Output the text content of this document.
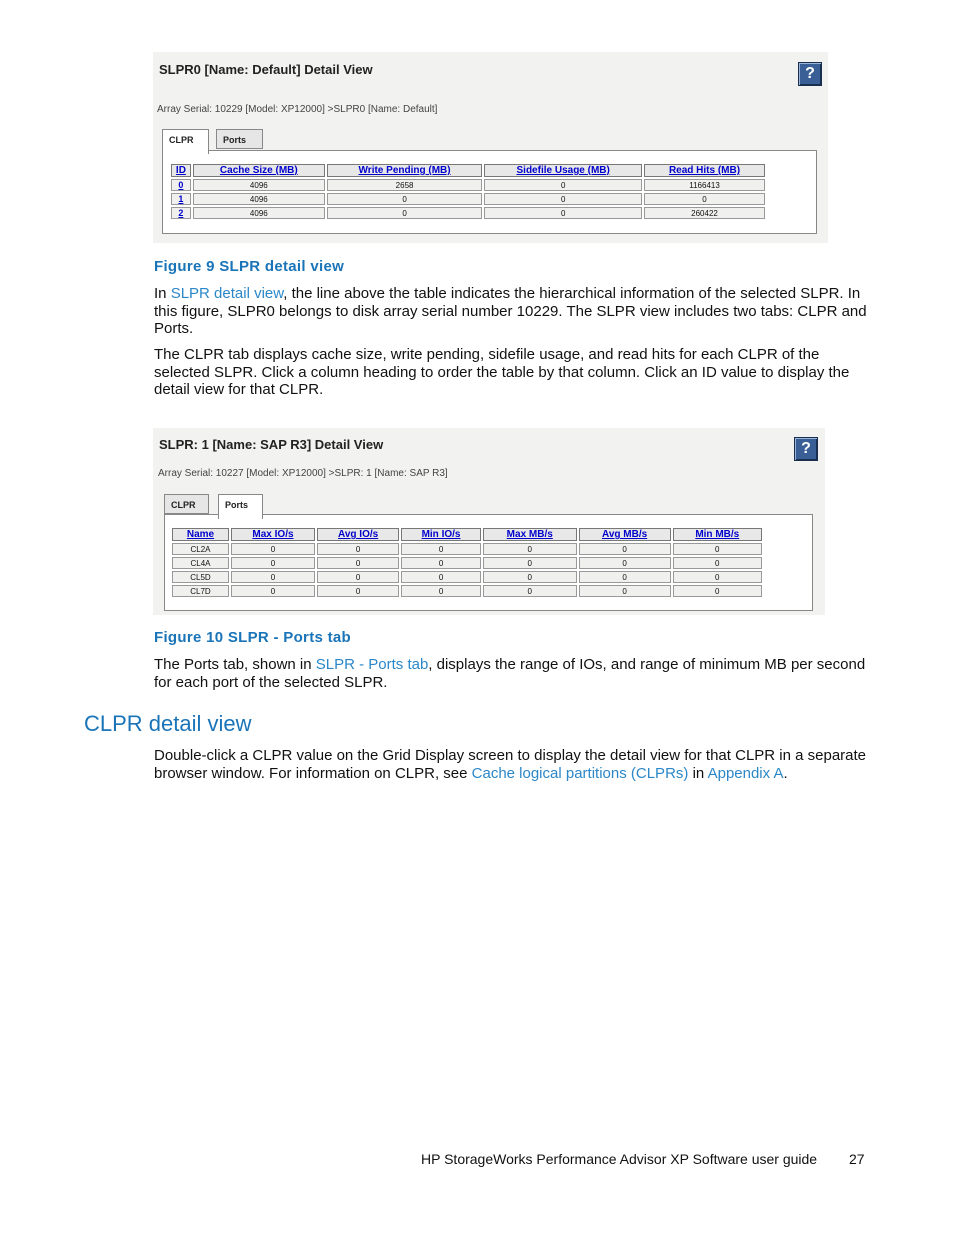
SLPR0 [Name: Default] Detail View	?
Array Serial: 10229 [Model: XP12000] >SLPR0 [Name: Default]
CLPR	Ports
ID	Cache Size (MB)	Write Pending (MB)	Sidefile Usage (MB)	Read Hits (MB)
0	4096	2658	0	1166413
1	4096	0	0	0
2	4096	0	0	260422
Figure 9 SLPR detail view
In SLPR detail view, the line above the table indicates the hierarchical information of the selected SLPR. In this figure, SLPR0 belongs to disk array serial number 10229. The SLPR view includes two tabs: CLPR and Ports.
The CLPR tab displays cache size, write pending, sidefile usage, and read hits for each CLPR of the selected SLPR. Click a column heading to order the table by that column. Click an ID value to display the detail view for that CLPR.
SLPR: 1 [Name: SAP R3] Detail View	?
Array Serial: 10227 [Model: XP12000] >SLPR: 1 [Name: SAP R3]
CLPR	Ports
Name	Max IO/s	Avg IO/s	Min IO/s	Max MB/s	Avg MB/s	Min MB/s
CL2A	0	0	0	0	0	0
CL4A	0	0	0	0	0	0
CL5D	0	0	0	0	0	0
CL7D	0	0	0	0	0	0
Figure 10 SLPR - Ports tab
The Ports tab, shown in SLPR - Ports tab, displays the range of IOs, and range of minimum MB per second for each port of the selected SLPR.
CLPR detail view
Double-click a CLPR value on the Grid Display screen to display the detail view for that CLPR in a separate browser window. For information on CLPR, see Cache logical partitions (CLPRs) in Appendix A.
HP StorageWorks Performance Advisor XP Software user guide 27
